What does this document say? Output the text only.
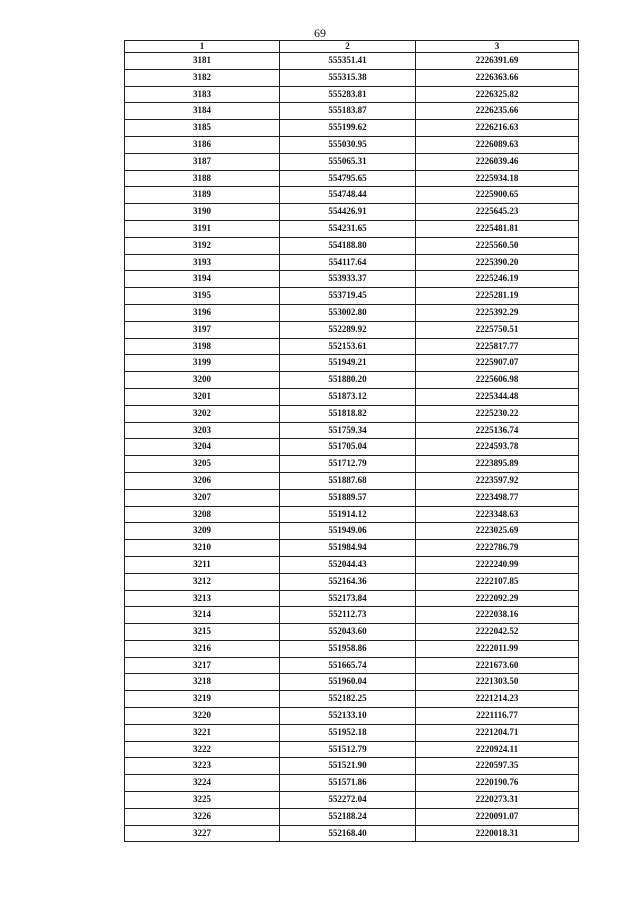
69
1	2	3
3181	555351.41	2226391.69
3182	555315.38	2226363.66
3183	555283.81	2226325.82
3184	555183.87	2226235.66
3185	555199.62	2226216.63
3186	555030.95	2226089.63
3187	555065.31	2226039.46
3188	554795.65	2225934.18
3189	554748.44	2225900.65
3190	554426.91	2225645.23
3191	554231.65	2225481.81
3192	554188.80	2225560.50
3193	554117.64	2225390.20
3194	553933.37	2225246.19
3195	553719.45	2225281.19
3196	553002.80	2225392.29
3197	552289.92	2225750.51
3198	552153.61	2225817.77
3199	551949.21	2225907.07
3200	551880.20	2225606.98
3201	551873.12	2225344.48
3202	551818.82	2225230.22
3203	551759.34	2225136.74
3204	551705.04	2224593.78
3205	551712.79	2223895.89
3206	551887.68	2223597.92
3207	551889.57	2223498.77
3208	551914.12	2223348.63
3209	551949.06	2223025.69
3210	551984.94	2222786.79
3211	552044.43	2222240.99
3212	552164.36	2222107.85
3213	552173.84	2222092.29
3214	552112.73	2222038.16
3215	552043.60	2222042.52
3216	551958.86	2222011.99
3217	551665.74	2221673.60
3218	551960.04	2221303.50
3219	552182.25	2221214.23
3220	552133.10	2221116.77
3221	551952.18	2221204.71
3222	551512.79	2220924.11
3223	551521.90	2220597.35
3224	551571.86	2220190.76
3225	552272.04	2220273.31
3226	552188.24	2220091.07
3227	552168.40	2220018.31
